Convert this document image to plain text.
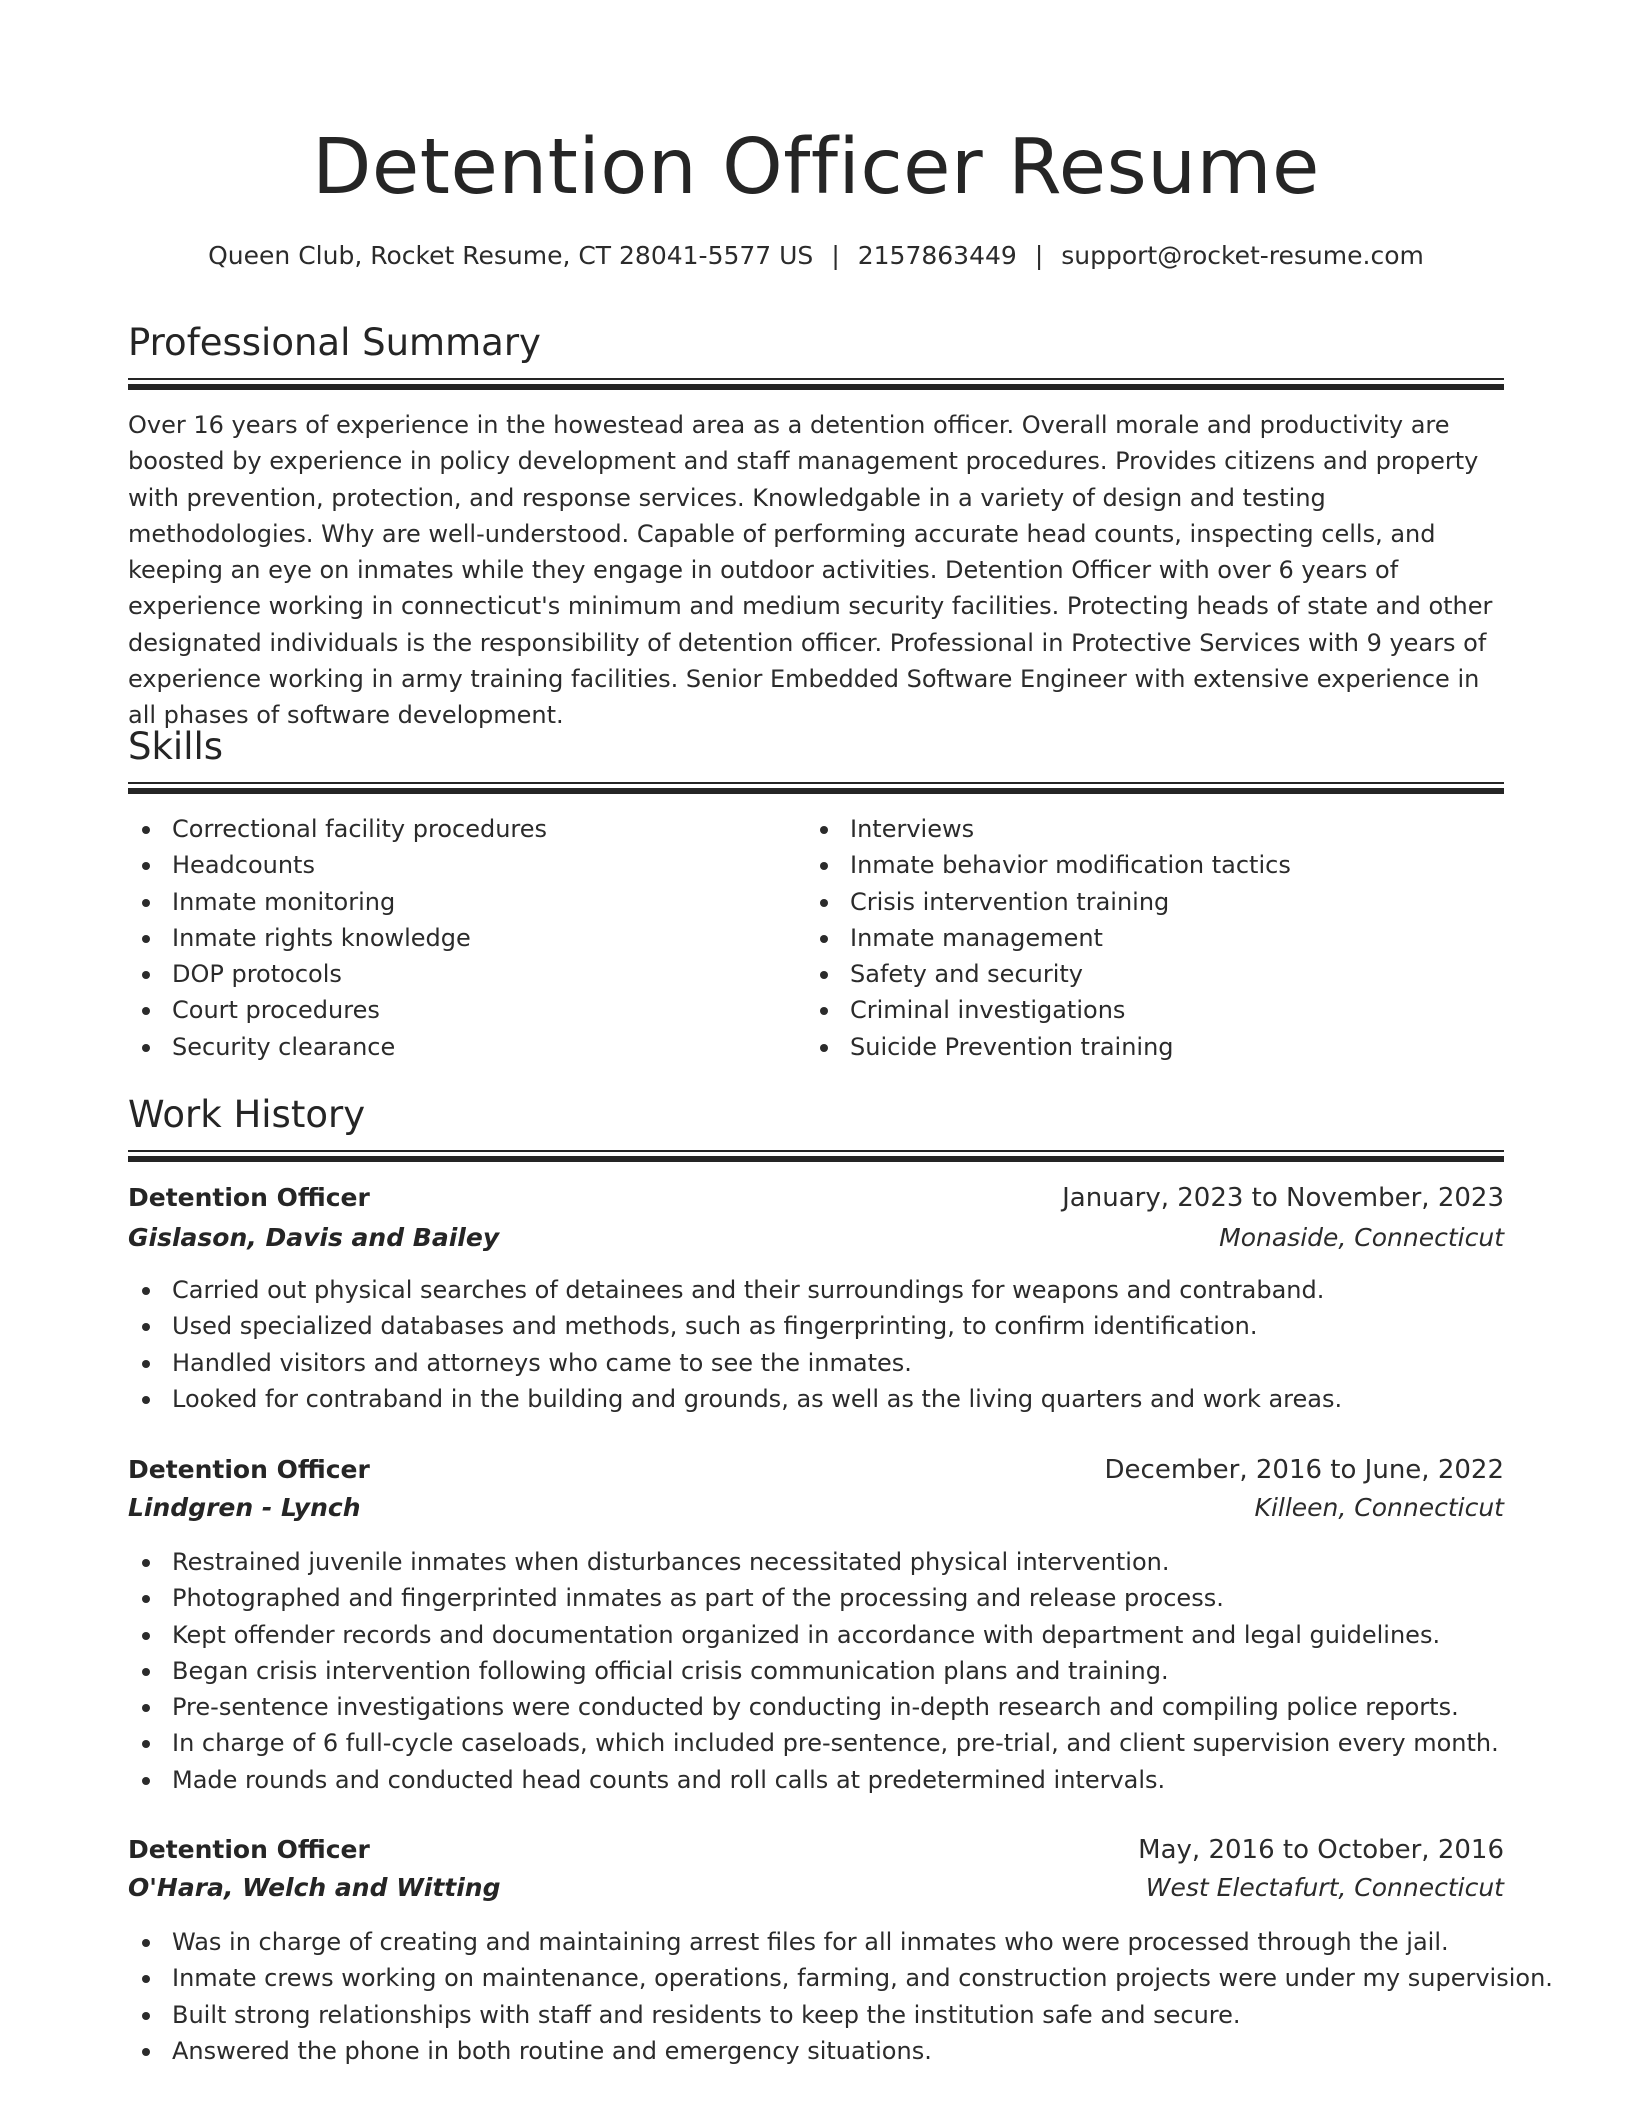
Detention Officer Resume
Queen Club, Rocket Resume, CT 28041-5577 US | 2157863449 | support@rocket-resume.com
Professional Summary

Over 16 years of experience in the howestead area as a detention officer. Overall morale and productivity are boosted by experience in policy development and staff management procedures. Provides citizens and property with prevention, protection, and response services. Knowledgable in a variety of design and testing methodologies. Why are well-understood. Capable of performing accurate head counts, inspecting cells, and keeping an eye on inmates while they engage in outdoor activities. Detention Officer with over 6 years of experience working in connecticut's minimum and medium security facilities. Protecting heads of state and other designated individuals is the responsibility of detention officer. Professional in Protective Services with 9 years of experience working in army training facilities. Senior Embedded Software Engineer with extensive experience in all phases of software development.

Skills
Correctional facility procedures
Headcounts
Inmate monitoring
Inmate rights knowledge
DOP protocols
Court procedures
Security clearance
Interviews
Inmate behavior modification tactics
Crisis intervention training
Inmate management
Safety and security
Criminal investigations
Suicide Prevention training
Work History
Detention Officer	January, 2023 to November, 2023
Gislason, Davis and Bailey	Monaside, Connecticut
Carried out physical searches of detainees and their surroundings for weapons and contraband.
Used specialized databases and methods, such as fingerprinting, to confirm identification.
Handled visitors and attorneys who came to see the inmates.
Looked for contraband in the building and grounds, as well as the living quarters and work areas.
Detention Officer	December, 2016 to June, 2022
Lindgren - Lynch	Killeen, Connecticut
Restrained juvenile inmates when disturbances necessitated physical intervention.
Photographed and fingerprinted inmates as part of the processing and release process.
Kept offender records and documentation organized in accordance with department and legal guidelines.
Began crisis intervention following official crisis communication plans and training.
Pre-sentence investigations were conducted by conducting in-depth research and compiling police reports.
In charge of 6 full-cycle caseloads, which included pre-sentence, pre-trial, and client supervision every month.
Made rounds and conducted head counts and roll calls at predetermined intervals.
Detention Officer	May, 2016 to October, 2016
O'Hara, Welch and Witting	West Electafurt, Connecticut
Was in charge of creating and maintaining arrest files for all inmates who were processed through the jail.
Inmate crews working on maintenance, operations, farming, and construction projects were under my supervision.
Built strong relationships with staff and residents to keep the institution safe and secure.
Answered the phone in both routine and emergency situations.
